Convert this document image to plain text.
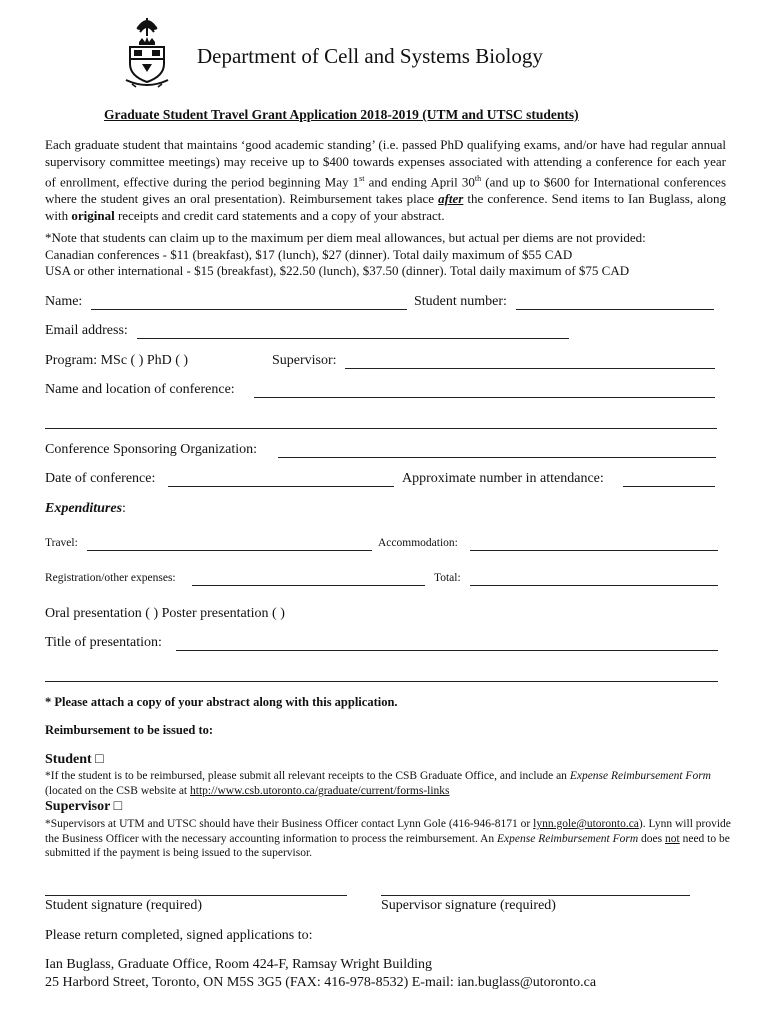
Department of Cell and Systems Biology
Graduate Student Travel Grant Application 2018-2019 (UTM and UTSC students)
Each graduate student that maintains ‘good academic standing’ (i.e. passed PhD qualifying exams, and/or have had regular annual supervisory committee meetings) may receive up to $400 towards expenses associated with attending a conference for each year of enrollment, effective during the period beginning May 1st and ending April 30th (and up to $600 for International conferences where the student gives an oral presentation). Reimbursement takes place after the conference. Send items to Ian Buglass, along with original receipts and credit card statements and a copy of your abstract.
*Note that students can claim up to the maximum per diem meal allowances, but actual per diems are not provided:
Canadian conferences - $11 (breakfast), $17 (lunch), $27 (dinner). Total daily maximum of $55 CAD
USA or other international - $15 (breakfast), $22.50 (lunch), $37.50 (dinner). Total daily maximum of $75 CAD
Name:	Student number:
Email address:
Program: MSc ( ) PhD ( )	Supervisor:
Name and location of conference:
Conference Sponsoring Organization:
Date of conference:	Approximate number in attendance:
Expenditures:
Travel:	Accommodation:
Registration/other expenses:	Total:
Oral presentation ( ) Poster presentation ( )
Title of presentation:
* Please attach a copy of your abstract along with this application.
Reimbursement to be issued to:
Student □
*If the student is to be reimbursed, please submit all relevant receipts to the CSB Graduate Office, and include an Expense Reimbursement Form (located on the CSB website at http://www.csb.utoronto.ca/graduate/current/forms-links
Supervisor □
*Supervisors at UTM and UTSC should have their Business Officer contact Lynn Gole (416-946-8171 or lynn.gole@utoronto.ca). Lynn will provide the Business Officer with the necessary accounting information to process the reimbursement. An Expense Reimbursement Form does not need to be submitted if the payment is being issued to the supervisor.
Student signature (required)	Supervisor signature (required)
Please return completed, signed applications to:
Ian Buglass, Graduate Office, Room 424-F, Ramsay Wright Building
25 Harbord Street, Toronto, ON M5S 3G5 (FAX: 416-978-8532) E-mail: ian.buglass@utoronto.ca
